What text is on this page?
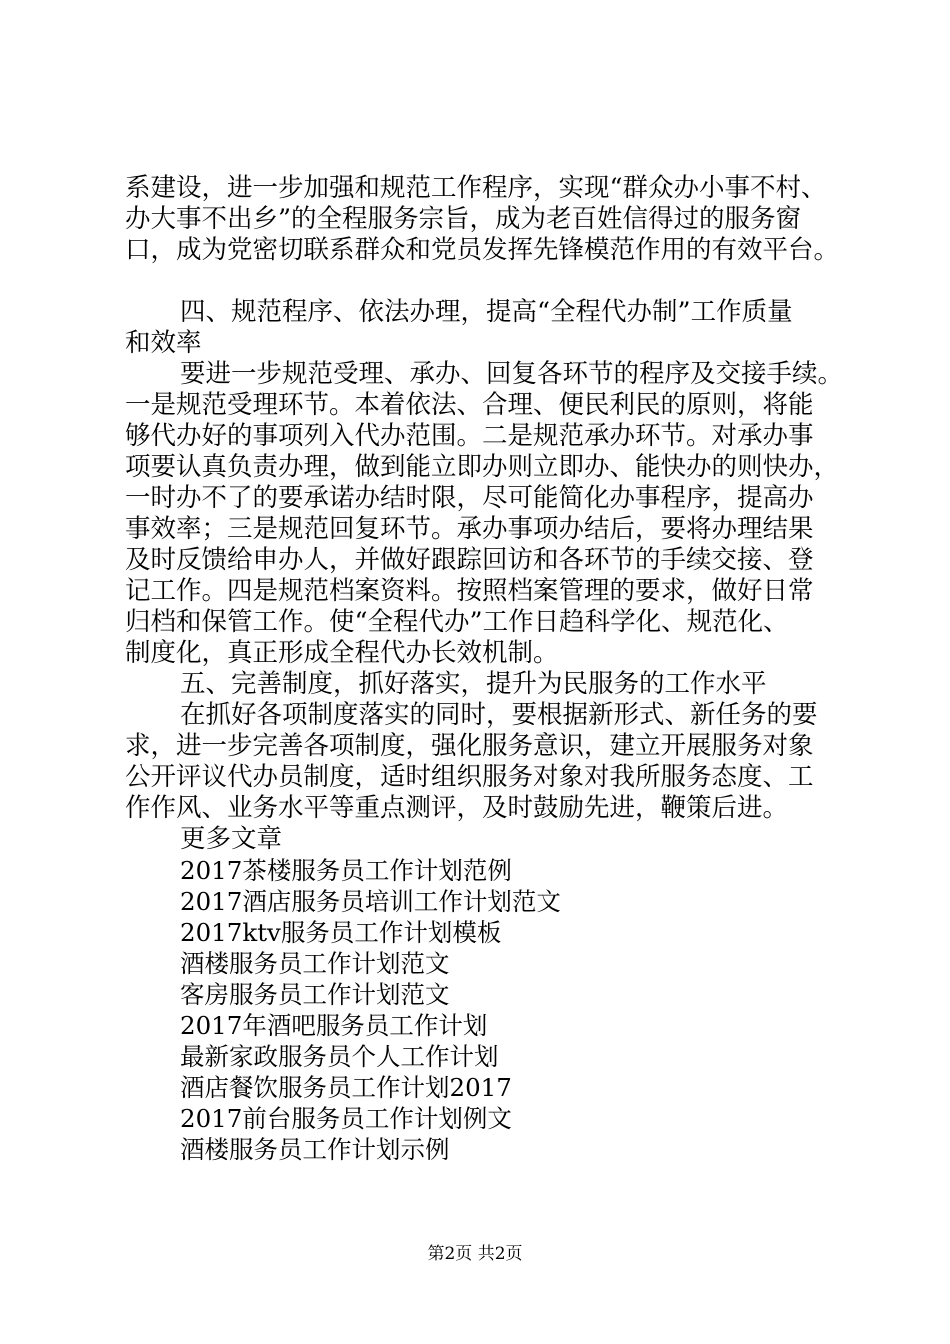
系建设，进一步加强和规范工作程序，实现“群众办小事不村、

办大事不出乡”的全程服务宗旨，成为老百姓信得过的服务窗

口，成为党密切联系群众和党员发挥先锋模范作用的有效平台。

四、规范程序、依法办理，提高“全程代办制”工作质量

和效率

要进一步规范受理、承办、回复各环节的程序及交接手续。

一是规范受理环节。本着依法、合理、便民利民的原则，将能

够代办好的事项列入代办范围。二是规范承办环节。对承办事

项要认真负责办理，做到能立即办则立即办、能快办的则快办，

一时办不了的要承诺办结时限，尽可能简化办事程序，提高办

事效率；三是规范回复环节。承办事项办结后，要将办理结果

及时反馈给申办人，并做好跟踪回访和各环节的手续交接、登

记工作。四是规范档案资料。按照档案管理的要求，做好日常

归档和保管工作。使“全程代办”工作日趋科学化、规范化、

制度化，真正形成全程代办长效机制。

五、完善制度，抓好落实，提升为民服务的工作水平

在抓好各项制度落实的同时，要根据新形式、新任务的要

求，进一步完善各项制度，强化服务意识，建立开展服务对象

公开评议代办员制度，适时组织服务对象对我所服务态度、工

作作风、业务水平等重点测评，及时鼓励先进，鞭策后进。

更多文章

2017茶楼服务员工作计划范例

2017酒店服务员培训工作计划范文

2017ktv服务员工作计划模板

酒楼服务员工作计划范文

客房服务员工作计划范文

2017年酒吧服务员工作计划

最新家政服务员个人工作计划

酒店餐饮服务员工作计划2017

2017前台服务员工作计划例文

酒楼服务员工作计划示例

第2页 共2页
